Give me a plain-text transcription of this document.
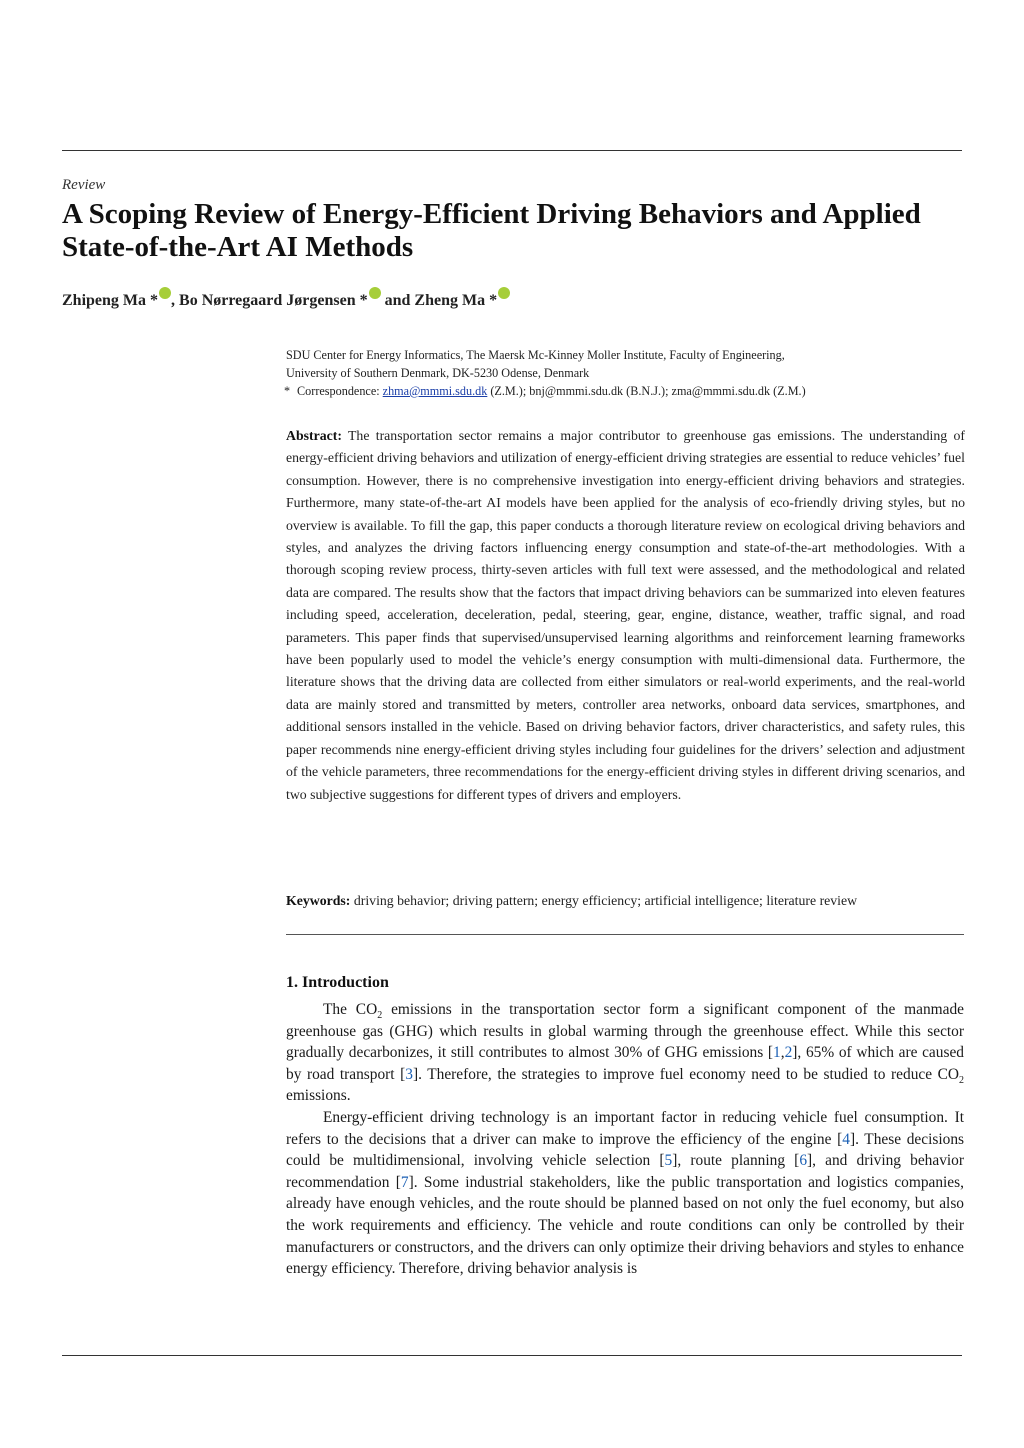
Review
A Scoping Review of Energy-Efficient Driving Behaviors and Applied State-of-the-Art AI Methods
Zhipeng Ma * , Bo Nørregaard Jørgensen * and Zheng Ma *
SDU Center for Energy Informatics, The Maersk Mc-Kinney Moller Institute, Faculty of Engineering,
University of Southern Denmark, DK-5230 Odense, Denmark
* Correspondence: zhma@mmmi.sdu.dk (Z.M.); bnj@mmmi.sdu.dk (B.N.J.); zma@mmmi.sdu.dk (Z.M.)
Abstract: The transportation sector remains a major contributor to greenhouse gas emissions. The understanding of energy-efficient driving behaviors and utilization of energy-efficient driving strategies are essential to reduce vehicles’ fuel consumption. However, there is no comprehensive investigation into energy-efficient driving behaviors and strategies. Furthermore, many state-of-the-art AI models have been applied for the analysis of eco-friendly driving styles, but no overview is available. To fill the gap, this paper conducts a thorough literature review on ecological driving behaviors and styles, and analyzes the driving factors influencing energy consumption and state-of-the-art methodologies. With a thorough scoping review process, thirty-seven articles with full text were assessed, and the methodological and related data are compared. The results show that the factors that impact driving behaviors can be summarized into eleven features including speed, acceleration, deceleration, pedal, steering, gear, engine, distance, weather, traffic signal, and road parameters. This paper finds that supervised/unsupervised learning algorithms and reinforcement learning frameworks have been popularly used to model the vehicle’s energy consumption with multi-dimensional data. Furthermore, the literature shows that the driving data are collected from either simulators or real-world experiments, and the real-world data are mainly stored and transmitted by meters, controller area networks, onboard data services, smartphones, and additional sensors installed in the vehicle. Based on driving behavior factors, driver characteristics, and safety rules, this paper recommends nine energy-efficient driving styles including four guidelines for the drivers’ selection and adjustment of the vehicle parameters, three recommendations for the energy-efficient driving styles in different driving scenarios, and two subjective suggestions for different types of drivers and employers.
Keywords: driving behavior; driving pattern; energy efficiency; artificial intelligence; literature review
1. Introduction

The $CO_2$ emissions in the transportation sector form a significant component of the manmade greenhouse gas (GHG) which results in global warming through the greenhouse effect. While this sector gradually decarbonizes, it still contributes to almost 30% of GHG emissions [1,2], 65% of which are caused by road transport [3]. Therefore, the strategies to improve fuel economy need to be studied to reduce $CO_2$ emissions.

Energy-efficient driving technology is an important factor in reducing vehicle fuel consumption. It refers to the decisions that a driver can make to improve the efficiency of the engine [4]. These decisions could be multidimensional, involving vehicle selection [5], route planning [6], and driving behavior recommendation [7]. Some industrial stakeholders, like the public transportation and logistics companies, already have enough vehicles, and the route should be planned based on not only the fuel economy, but also the work requirements and efficiency. The vehicle and route conditions can only be controlled by their manufacturers or constructors, and the drivers can only optimize their driving behaviors and styles to enhance energy efficiency. Therefore, driving behavior analysis is
